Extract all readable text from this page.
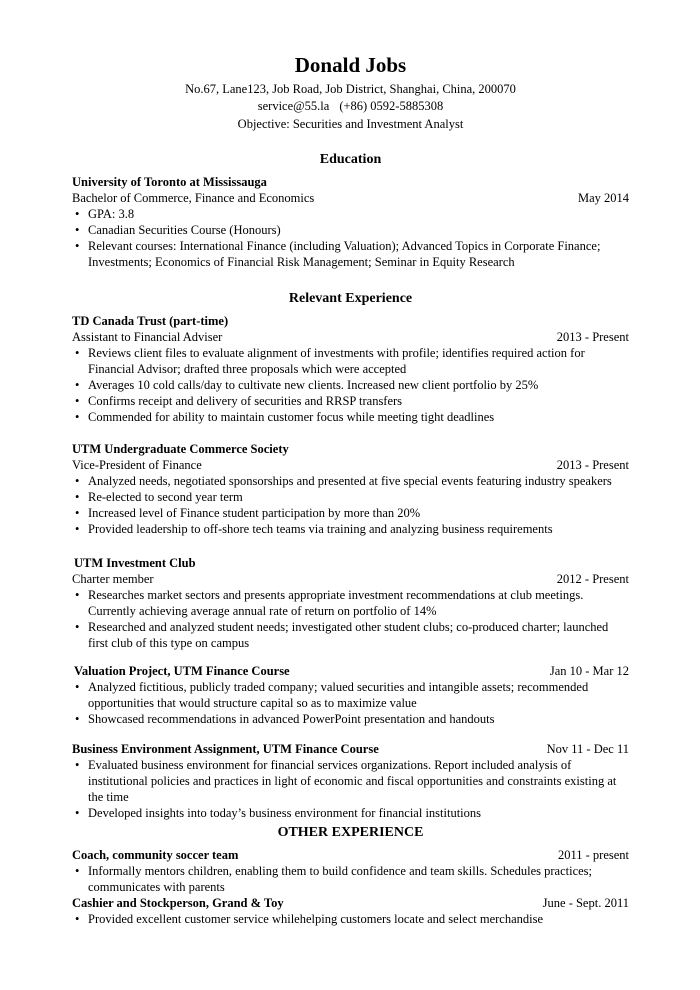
Donald Jobs
No.67, Lane123, Job Road, Job District, Shanghai, China, 200070
service@55.la (+86) 0592-5885308
Objective: Securities and Investment Analyst
Education
University of Toronto at Mississauga
Bachelor of Commerce, Finance and Economics	May 2014
• GPA: 3.8
• Canadian Securities Course (Honours)
• Relevant courses: International Finance (including Valuation); Advanced Topics in Corporate Finance; Investments; Economics of Financial Risk Management; Seminar in Equity Research
Relevant Experience
TD Canada Trust (part-time)
Assistant to Financial Adviser	2013 - Present
• Reviews client files to evaluate alignment of investments with profile; identifies required action for Financial Advisor; drafted three proposals which were accepted
• Averages 10 cold calls/day to cultivate new clients. Increased new client portfolio by 25%
• Confirms receipt and delivery of securities and RRSP transfers
• Commended for ability to maintain customer focus while meeting tight deadlines
UTM Undergraduate Commerce Society
Vice-President of Finance	2013 - Present
• Analyzed needs, negotiated sponsorships and presented at five special events featuring industry speakers
• Re-elected to second year term
• Increased level of Finance student participation by more than 20%
• Provided leadership to off-shore tech teams via training and analyzing business requirements
UTM Investment Club
Charter member	2012 - Present
• Researches market sectors and presents appropriate investment recommendations at club meetings. Currently achieving average annual rate of return on portfolio of 14%
• Researched and analyzed student needs; investigated other student clubs; co-produced charter; launched first club of this type on campus
Valuation Project, UTM Finance Course	Jan 10 - Mar 12
• Analyzed fictitious, publicly traded company; valued securities and intangible assets; recommended opportunities that would structure capital so as to maximize value
• Showcased recommendations in advanced PowerPoint presentation and handouts
Business Environment Assignment, UTM Finance Course	Nov 11 - Dec 11
• Evaluated business environment for financial services organizations. Report included analysis of institutional policies and practices in light of economic and fiscal opportunities and constraints existing at the time
• Developed insights into today’s business environment for financial institutions
OTHER EXPERIENCE
Coach, community soccer team	2011 - present
• Informally mentors children, enabling them to build confidence and team skills. Schedules practices; communicates with parents
Cashier and Stockperson, Grand & Toy	June - Sept. 2011
• Provided excellent customer service whilehelping customers locate and select merchandise
